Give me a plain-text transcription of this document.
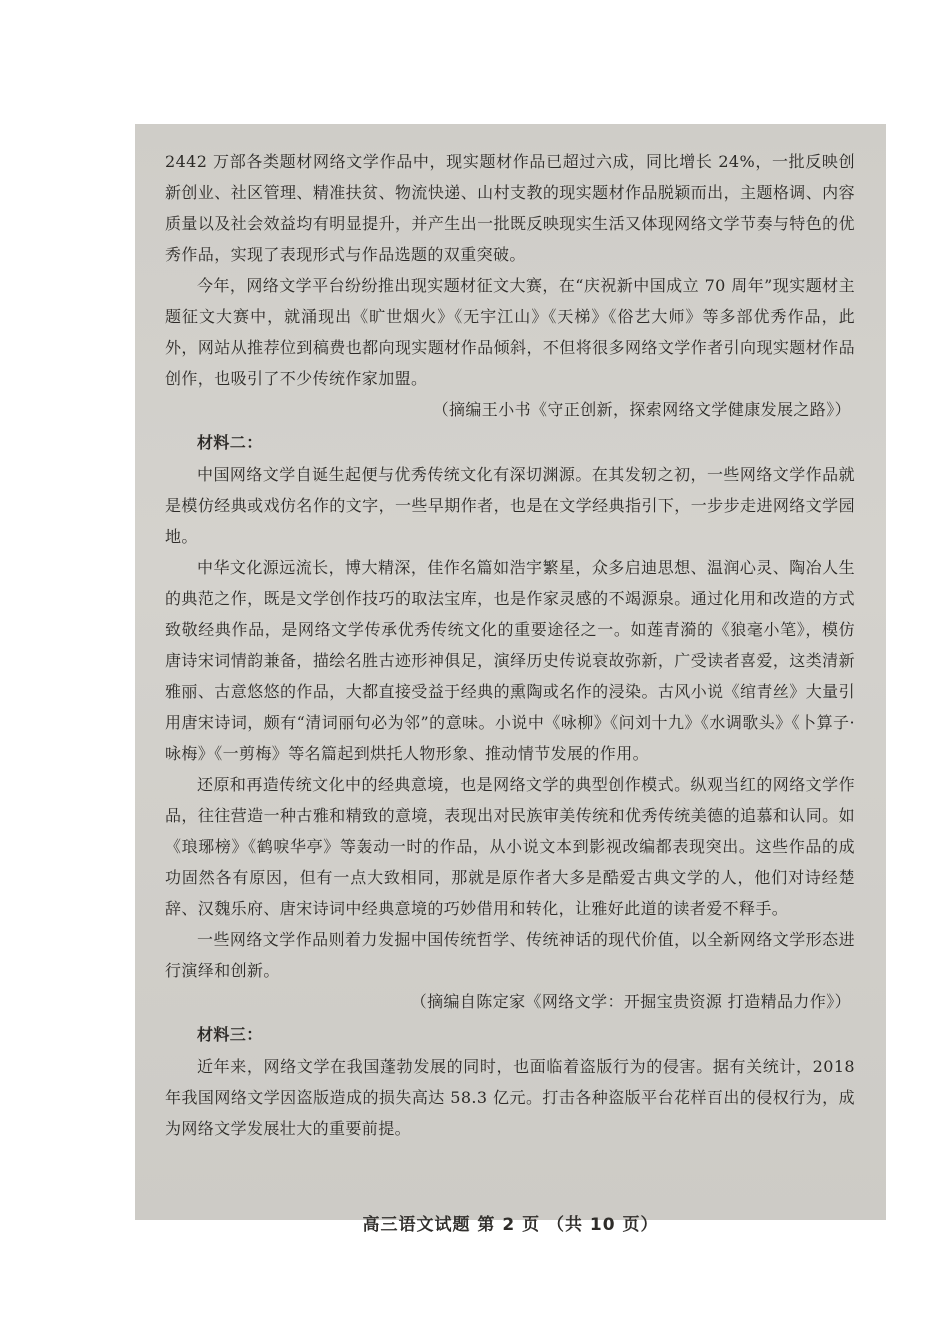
2442 万部各类题材网络文学作品中，现实题材作品已超过六成，同比增长 24%，一批反映创新创业、社区管理、精准扶贫、物流快递、山村支教的现实题材作品脱颖而出，主题格调、内容质量以及社会效益均有明显提升，并产生出一批既反映现实生活又体现网络文学节奏与特色的优秀作品，实现了表现形式与作品选题的双重突破。

今年，网络文学平台纷纷推出现实题材征文大赛，在“庆祝新中国成立 70 周年”现实题材主题征文大赛中，就涌现出《旷世烟火》《无宇江山》《天梯》《俗艺大师》等多部优秀作品，此外，网站从推荐位到稿费也都向现实题材作品倾斜，不但将很多网络文学作者引向现实题材作品创作，也吸引了不少传统作家加盟。

（摘编王小书《守正创新，探索网络文学健康发展之路》）

材料二：

中国网络文学自诞生起便与优秀传统文化有深切渊源。在其发轫之初，一些网络文学作品就是模仿经典或戏仿名作的文字，一些早期作者，也是在文学经典指引下，一步步走进网络文学园地。

中华文化源远流长，博大精深，佳作名篇如浩宇繁星，众多启迪思想、温润心灵、陶冶人生的典范之作，既是文学创作技巧的取法宝库，也是作家灵感的不竭源泉。通过化用和改造的方式致敬经典作品，是网络文学传承优秀传统文化的重要途径之一。如莲青漪的《狼毫小笔》，模仿唐诗宋词情韵兼备，描绘名胜古迹形神俱足，演绎历史传说衰故弥新，广受读者喜爱，这类清新雅丽、古意悠悠的作品，大都直接受益于经典的熏陶或名作的浸染。古风小说《绾青丝》大量引用唐宋诗词，颇有“清词丽句必为邻”的意味。小说中《咏柳》《问刘十九》《水调歌头》《卜算子·咏梅》《一剪梅》等名篇起到烘托人物形象、推动情节发展的作用。

还原和再造传统文化中的经典意境，也是网络文学的典型创作模式。纵观当红的网络文学作品，往往营造一种古雅和精致的意境，表现出对民族审美传统和优秀传统美德的追慕和认同。如《琅琊榜》《鹤唳华亭》等轰动一时的作品，从小说文本到影视改编都表现突出。这些作品的成功固然各有原因，但有一点大致相同，那就是原作者大多是酷爱古典文学的人，他们对诗经楚辞、汉魏乐府、唐宋诗词中经典意境的巧妙借用和转化，让雅好此道的读者爱不释手。

一些网络文学作品则着力发掘中国传统哲学、传统神话的现代价值，以全新网络文学形态进行演绎和创新。

（摘编自陈定家《网络文学：开掘宝贵资源 打造精品力作》）

材料三：

近年来，网络文学在我国蓬勃发展的同时，也面临着盗版行为的侵害。据有关统计，2018 年我国网络文学因盗版造成的损失高达 58.3 亿元。打击各种盗版平台花样百出的侵权行为，成为网络文学发展壮大的重要前提。

高三语文试题 第 2 页 （共 10 页）
